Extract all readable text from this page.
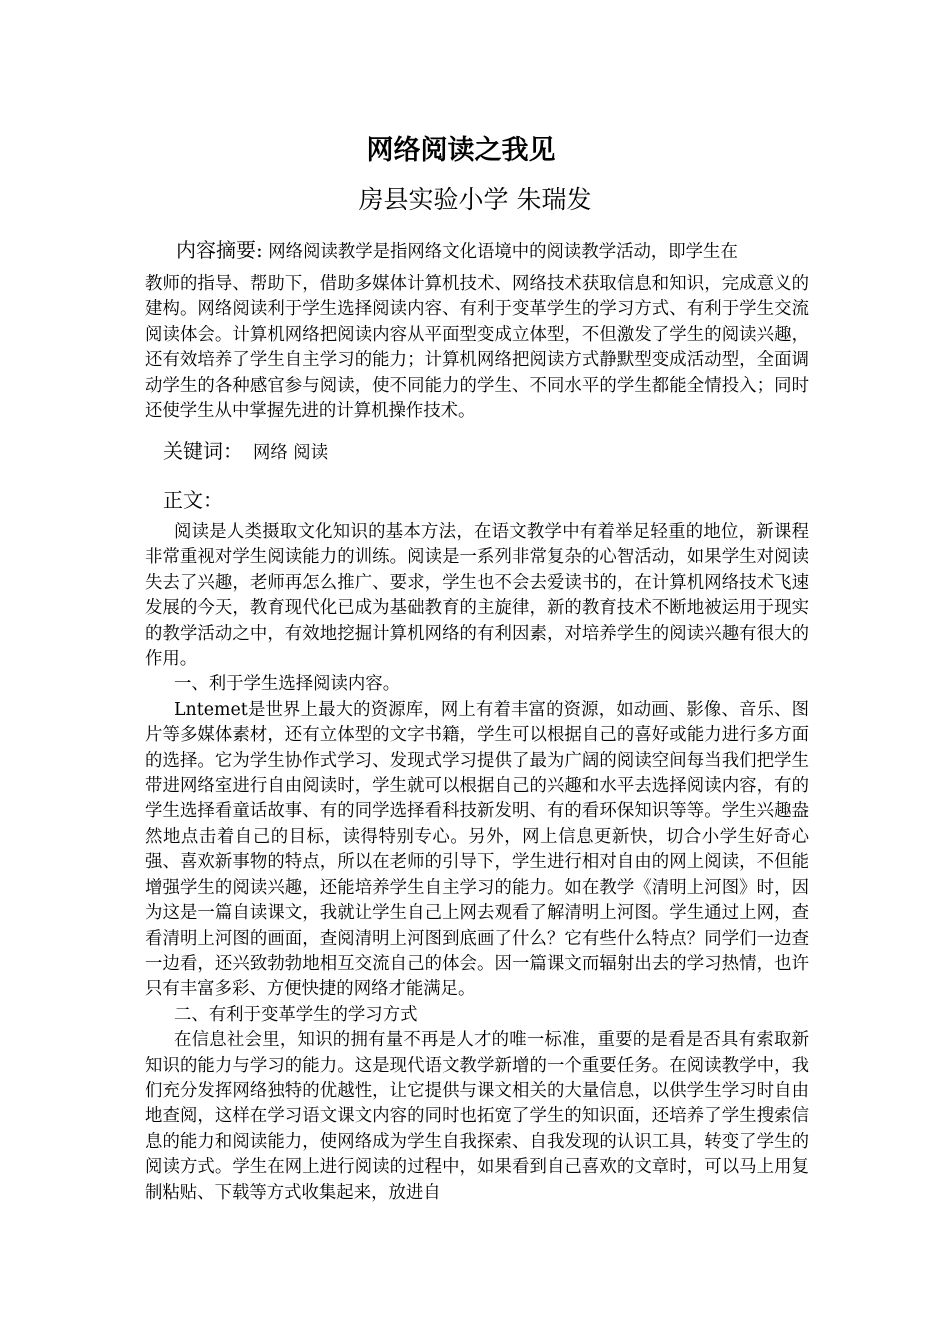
网络阅读之我见
房县实验小学 朱瑞发
内容摘要: 网络阅读教学是指网络文化语境中的阅读教学活动，即学生在
教师的指导、帮助下，借助多媒体计算机技术、网络技术获取信息和知识，完成意义的建构。网络阅读利于学生选择阅读内容、有利于变革学生的学习方式、有利于学生交流阅读体会。计算机网络把阅读内容从平面型变成立体型，不但激发了学生的阅读兴趣，还有效培养了学生自主学习的能力；计算机网络把阅读方式静默型变成活动型，全面调动学生的各种感官参与阅读，使不同能力的学生、不同水平的学生都能全情投入；同时还使学生从中掌握先进的计算机操作技术。
关键词： 网络 阅读
正文：

阅读是人类摄取文化知识的基本方法，在语文教学中有着举足轻重的地位，新课程非常重视对学生阅读能力的训练。阅读是一系列非常复杂的心智活动，如果学生对阅读失去了兴趣，老师再怎么推广、要求，学生也不会去爱读书的，在计算机网络技术飞速发展的今天，教育现代化已成为基础教育的主旋律，新的教育技术不断地被运用于现实的教学活动之中，有效地挖掘计算机网络的有利因素，对培养学生的阅读兴趣有很大的作用。

一、利于学生选择阅读内容。

Lntemet是世界上最大的资源库，网上有着丰富的资源，如动画、影像、音乐、图片等多媒体素材，还有立体型的文字书籍，学生可以根据自己的喜好或能力进行多方面的选择。它为学生协作式学习、发现式学习提供了最为广阔的阅读空间每当我们把学生带进网络室进行自由阅读时，学生就可以根据自己的兴趣和水平去选择阅读内容，有的学生选择看童话故事、有的同学选择看科技新发明、有的看环保知识等等。学生兴趣盎然地点击着自己的目标，读得特别专心。另外，网上信息更新快，切合小学生好奇心强、喜欢新事物的特点，所以在老师的引导下，学生进行相对自由的网上阅读，不但能增强学生的阅读兴趣，还能培养学生自主学习的能力。如在教学《清明上河图》时，因为这是一篇自读课文，我就让学生自己上网去观看了解清明上河图。学生通过上网，查看清明上河图的画面，查阅清明上河图到底画了什么？它有些什么特点？同学们一边查一边看，还兴致勃勃地相互交流自己的体会。因一篇课文而辐射出去的学习热情，也许只有丰富多彩、方便快捷的网络才能满足。

二、有利于变革学生的学习方式

在信息社会里，知识的拥有量不再是人才的唯一标准，重要的是看是否具有索取新知识的能力与学习的能力。这是现代语文教学新增的一个重要任务。在阅读教学中，我们充分发挥网络独特的优越性，让它提供与课文相关的大量信息，以供学生学习时自由地查阅，这样在学习语文课文内容的同时也拓宽了学生的知识面，还培养了学生搜索信息的能力和阅读能力，使网络成为学生自我探索、自我发现的认识工具，转变了学生的阅读方式。学生在网上进行阅读的过程中，如果看到自己喜欢的文章时，可以马上用复制粘贴、下载等方式收集起来，放进自
